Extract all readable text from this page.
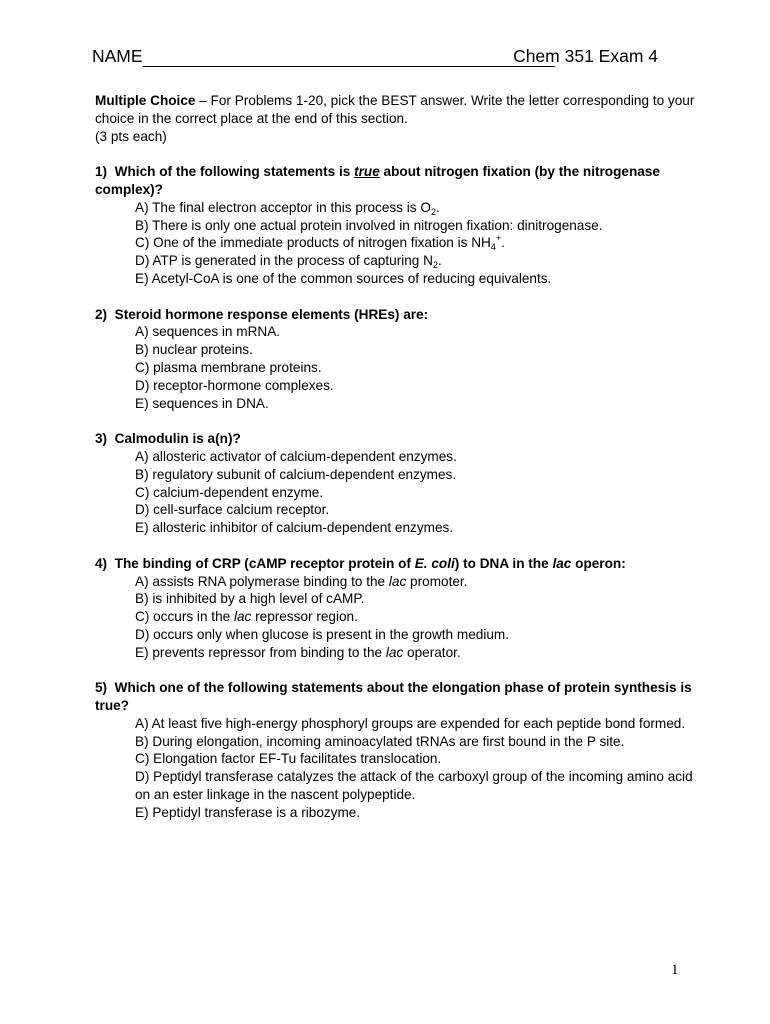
NAME	Chem 351 Exam 4

Multiple Choice – For Problems 1-20, pick the BEST answer. Write the letter corresponding to your choice in the correct place at the end of this section.
(3 pts each)

1) Which of the following statements is true about nitrogen fixation (by the nitrogenase complex)?

A) The final electron acceptor in this process is $O_2$.
B) There is only one actual protein involved in nitrogen fixation: dinitrogenase.
C) One of the immediate products of nitrogen fixation is $NH_4^+$.
D) ATP is generated in the process of capturing $N_2$.
E) Acetyl-CoA is one of the common sources of reducing equivalents.

2) Steroid hormone response elements (HREs) are:

A) sequences in mRNA.
B) nuclear proteins.
C) plasma membrane proteins.
D) receptor-hormone complexes.
E) sequences in DNA.

3) Calmodulin is a(n)?

A) allosteric activator of calcium-dependent enzymes.
B) regulatory subunit of calcium-dependent enzymes.
C) calcium-dependent enzyme.
D) cell-surface calcium receptor.
E) allosteric inhibitor of calcium-dependent enzymes.

4) The binding of CRP (cAMP receptor protein of E. coli) to DNA in the lac operon:

A) assists RNA polymerase binding to the lac promoter.
B) is inhibited by a high level of cAMP.
C) occurs in the lac repressor region.
D) occurs only when glucose is present in the growth medium.
E) prevents repressor from binding to the lac operator.

5) Which one of the following statements about the elongation phase of protein synthesis is true?

A) At least five high-energy phosphoryl groups are expended for each peptide bond formed.
B) During elongation, incoming aminoacylated tRNAs are first bound in the P site.
C) Elongation factor EF-Tu facilitates translocation.
D) Peptidyl transferase catalyzes the attack of the carboxyl group of the incoming amino acid on an ester linkage in the nascent polypeptide.
E) Peptidyl transferase is a ribozyme.
1
